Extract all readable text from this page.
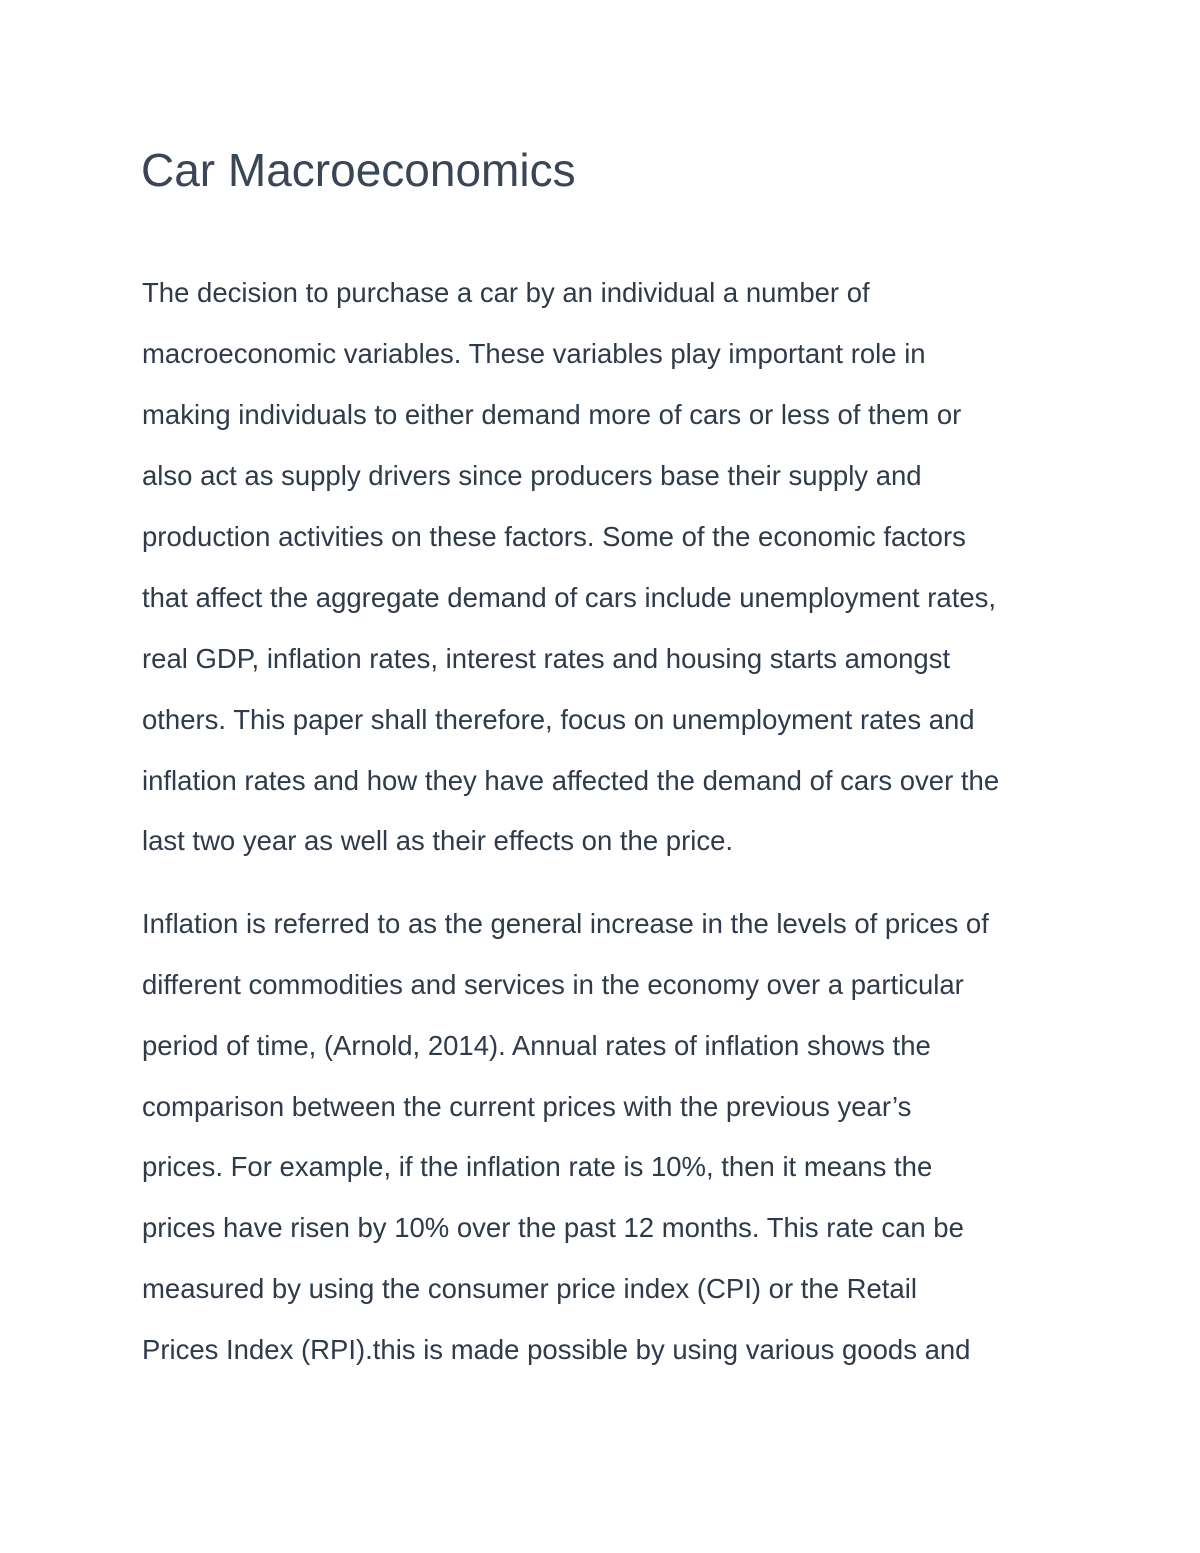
Car Macroeconomics

The decision to purchase a car by an individual a number of

macroeconomic variables. These variables play important role in

making individuals to either demand more of cars or less of them or

also act as supply drivers since producers base their supply and

production activities on these factors. Some of the economic factors

that affect the aggregate demand of cars include unemployment rates,

real GDP, inflation rates, interest rates and housing starts amongst

others. This paper shall therefore, focus on unemployment rates and

inflation rates and how they have affected the demand of cars over the

last two year as well as their effects on the price.

Inflation is referred to as the general increase in the levels of prices of

different commodities and services in the economy over a particular

period of time, (Arnold, 2014). Annual rates of inflation shows the

comparison between the current prices with the previous year’s

prices. For example, if the inflation rate is 10%, then it means the

prices have risen by 10% over the past 12 months. This rate can be

measured by using the consumer price index (CPI) or the Retail

Prices Index (RPI).this is made possible by using various goods and
